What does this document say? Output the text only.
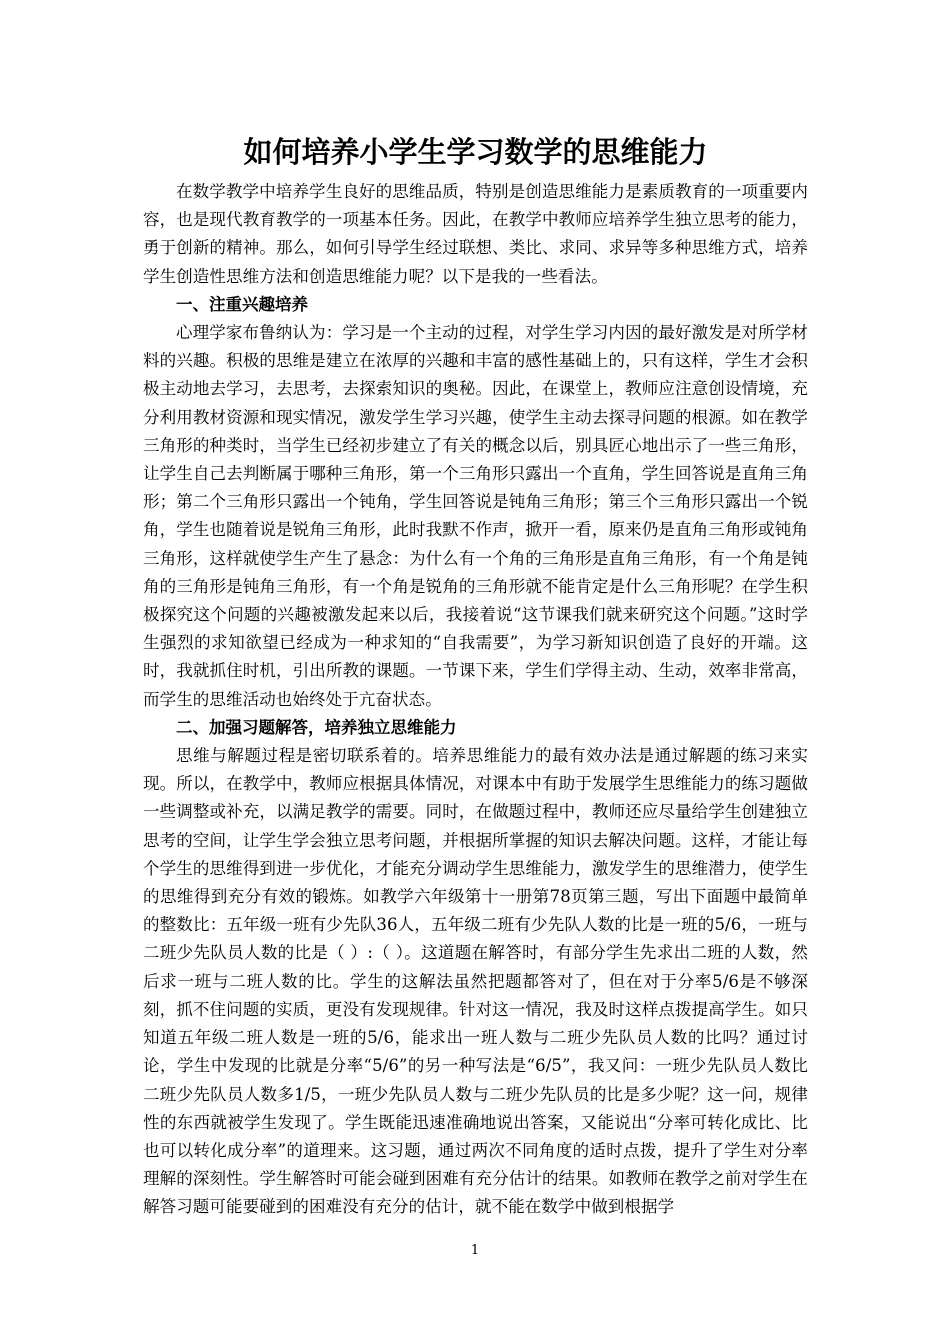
如何培养小学生学习数学的思维能力

在数学教学中培养学生良好的思维品质，特别是创造思维能力是素质教育的一项重要内容，也是现代教育教学的一项基本任务。因此，在教学中教师应培养学生独立思考的能力，勇于创新的精神。那么，如何引导学生经过联想、类比、求同、求异等多种思维方式，培养学生创造性思维方法和创造思维能力呢？以下是我的一些看法。

一、注重兴趣培养

心理学家布鲁纳认为：学习是一个主动的过程，对学生学习内因的最好激发是对所学材料的兴趣。积极的思维是建立在浓厚的兴趣和丰富的感性基础上的，只有这样，学生才会积极主动地去学习，去思考，去探索知识的奥秘。因此，在课堂上，教师应注意创设情境，充分利用教材资源和现实情况，激发学生学习兴趣，使学生主动去探寻问题的根源。如在教学三角形的种类时，当学生已经初步建立了有关的概念以后，别具匠心地出示了一些三角形，让学生自己去判断属于哪种三角形，第一个三角形只露出一个直角，学生回答说是直角三角形；第二个三角形只露出一个钝角，学生回答说是钝角三角形；第三个三角形只露出一个锐角，学生也随着说是锐角三角形，此时我默不作声，掀开一看，原来仍是直角三角形或钝角三角形，这样就使学生产生了悬念：为什么有一个角的三角形是直角三角形，有一个角是钝角的三角形是钝角三角形，有一个角是锐角的三角形就不能肯定是什么三角形呢？在学生积极探究这个问题的兴趣被激发起来以后，我接着说“这节课我们就来研究这个问题。”这时学生强烈的求知欲望已经成为一种求知的“自我需要”，为学习新知识创造了良好的开端。这时，我就抓住时机，引出所教的课题。一节课下来，学生们学得主动、生动，效率非常高，而学生的思维活动也始终处于亢奋状态。

二、加强习题解答，培养独立思维能力

思维与解题过程是密切联系着的。培养思维能力的最有效办法是通过解题的练习来实现。所以，在教学中，教师应根据具体情况，对课本中有助于发展学生思维能力的练习题做一些调整或补充，以满足教学的需要。同时，在做题过程中，教师还应尽量给学生创建独立思考的空间，让学生学会独立思考问题，并根据所掌握的知识去解决问题。这样，才能让每个学生的思维得到进一步优化，才能充分调动学生思维能力，激发学生的思维潜力，使学生的思维得到充分有效的锻炼。如教学六年级第十一册第78页第三题，写出下面题中最简单的整数比：五年级一班有少先队36人，五年级二班有少先队人数的比是一班的5/6，一班与二班少先队员人数的比是（ ）:（ ）。这道题在解答时，有部分学生先求出二班的人数，然后求一班与二班人数的比。学生的这解法虽然把题都答对了，但在对于分率5/6是不够深刻，抓不住问题的实质，更没有发现规律。针对这一情况，我及时这样点拨提高学生。如只知道五年级二班人数是一班的5/6，能求出一班人数与二班少先队员人数的比吗？通过讨论，学生中发现的比就是分率“5/6”的另一种写法是“6/5”，我又问：一班少先队员人数比二班少先队员人数多1/5，一班少先队员人数与二班少先队员的比是多少呢？这一问，规律性的东西就被学生发现了。学生既能迅速准确地说出答案，又能说出“分率可转化成比、比也可以转化成分率”的道理来。这习题，通过两次不同角度的适时点拨，提升了学生对分率理解的深刻性。学生解答时可能会碰到困难有充分估计的结果。如教师在教学之前对学生在解答习题可能要碰到的困难没有充分的估计，就不能在数学中做到根据学

1
